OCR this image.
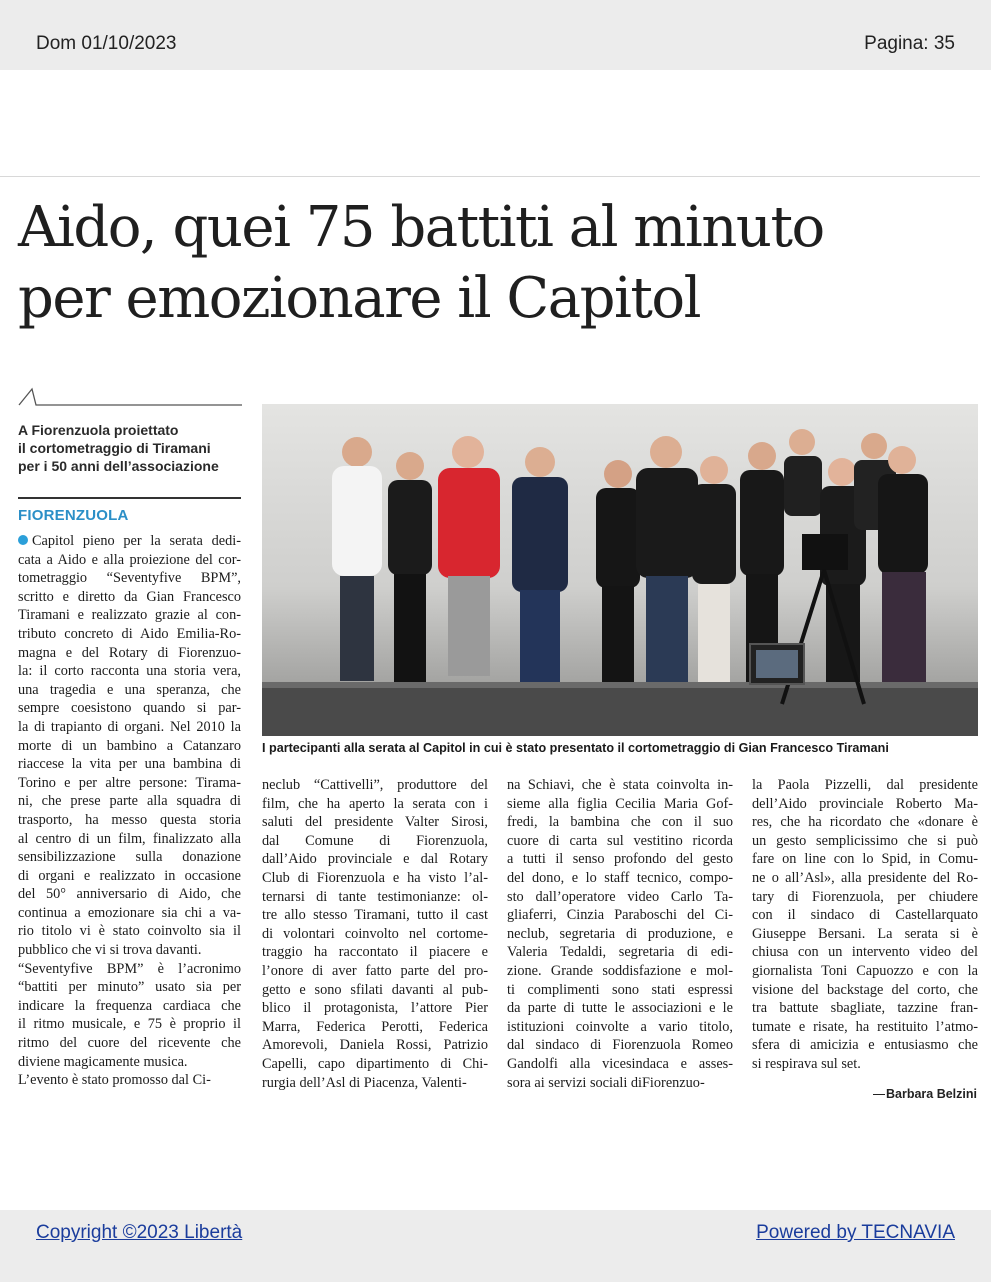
Dom 01/10/2023	Pagina: 35
Aido, quei 75 battiti al minuto
per emozionare il Capitol
A Fiorenzuola proiettato
il cortometraggio di Tiramani
per i 50 anni dell’associazione
FIORENZUOLA
Capitol pieno per la serata dedi-
cata a Aido e alla proiezione del cor-
tometraggio “Seventyfive BPM”,
scritto e diretto da Gian Francesco
Tiramani e realizzato grazie al con-
tributo concreto di Aido Emilia-Ro-
magna e del Rotary di Fiorenzuo-
la: il corto racconta una storia vera,
una tragedia e una speranza, che
sempre coesistono quando si par-
la di trapianto di organi. Nel 2010 la
morte di un bambino a Catanzaro
riaccese la vita per una bambina di
Torino e per altre persone: Tirama-
ni, che prese parte alla squadra di
trasporto, ha messo questa storia
al centro di un film, finalizzato alla
sensibilizzazione sulla donazione
di organi e realizzato in occasione
del 50° anniversario di Aido, che
continua a emozionare sia chi a va-
rio titolo vi è stato coinvolto sia il
pubblico che vi si trova davanti.
“Seventyfive BPM” è l’acronimo
“battiti per minuto” usato sia per
indicare la frequenza cardiaca che
il ritmo musicale, e 75 è proprio il
ritmo del cuore del ricevente che
diviene magicamente musica.
L’evento è stato promosso dal Ci-
I partecipanti alla serata al Capitol in cui è stato presentato il cortometraggio di Gian Francesco Tiramani
neclub “Cattivelli”, produttore del
film, che ha aperto la serata con i
saluti del presidente Valter Sirosi,
dal Comune di Fiorenzuola,
dall’Aido provinciale e dal Rotary
Club di Fiorenzuola e ha visto l’al-
ternarsi di tante testimonianze: ol-
tre allo stesso Tiramani, tutto il cast
di volontari coinvolto nel cortome-
traggio ha raccontato il piacere e
l’onore di aver fatto parte del pro-
getto e sono sfilati davanti al pub-
blico il protagonista, l’attore Pier
Marra, Federica Perotti, Federica
Amorevoli, Daniela Rossi, Patrizio
Capelli, capo dipartimento di Chi-
rurgia dell’Asl di Piacenza, Valenti-
na Schiavi, che è stata coinvolta in-
sieme alla figlia Cecilia Maria Gof-
fredi, la bambina che con il suo
cuore di carta sul vestitino ricorda
a tutti il senso profondo del gesto
del dono, e lo staff tecnico, compo-
sto dall’operatore video Carlo Ta-
gliaferri, Cinzia Paraboschi del Ci-
neclub, segretaria di produzione, e
Valeria Tedaldi, segretaria di edi-
zione. Grande soddisfazione e mol-
ti complimenti sono stati espressi
da parte di tutte le associazioni e le
istituzioni coinvolte a vario titolo,
dal sindaco di Fiorenzuola Romeo
Gandolfi alla vicesindaca e asses-
sora ai servizi sociali diFiorenzuo-
la Paola Pizzelli, dal presidente
dell’Aido provinciale Roberto Ma-
res, che ha ricordato che «donare è
un gesto semplicissimo che si può
fare on line con lo Spid, in Comu-
ne o all’Asl», alla presidente del Ro-
tary di Fiorenzuola, per chiudere
con il sindaco di Castellarquato
Giuseppe Bersani. La serata si è
chiusa con un intervento video del
giornalista Toni Capuozzo e con la
visione del backstage del corto, che
tra battute sbagliate, tazzine fran-
tumate e risate, ha restituito l’atmo-
sfera di amicizia e entusiasmo che
si respirava sul set.
Barbara Belzini
Copyright ©2023 Libertà	Powered by TECNAVIA
